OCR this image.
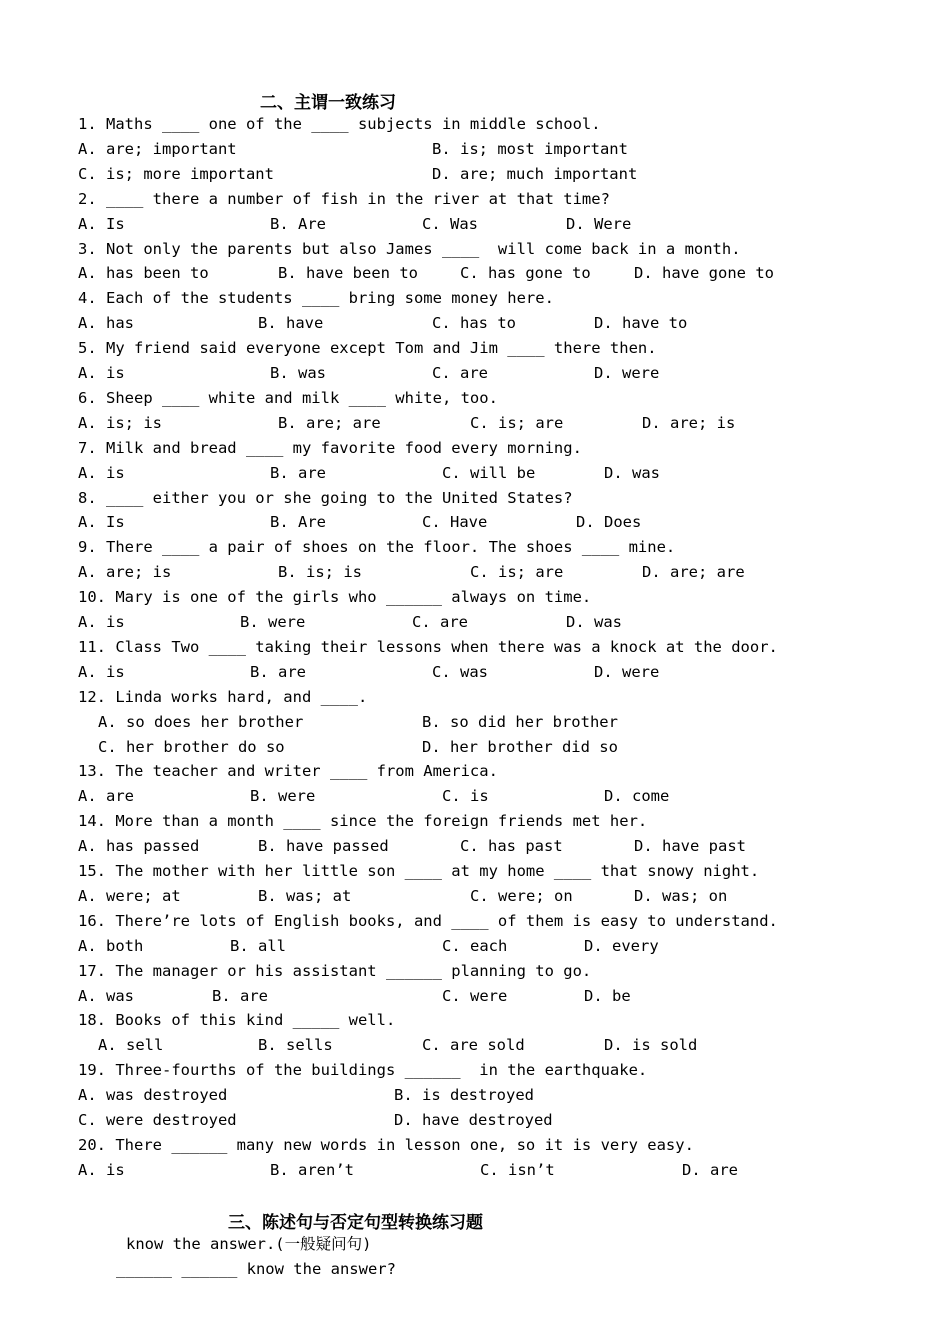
二、主谓一致练习
1. Maths ____ one of the ____ subjects in middle school.
A. are; important	B. is; most important
C. is; more important	D. are; much important
2. ____ there a number of fish in the river at that time?
A. Is	B. Are	C. Was	D. Were
3. Not only the parents but also James ____  will come back in a month.
A. has been to	B. have been to	C. has gone to	D. have gone to
4. Each of the students ____ bring some money here.
A. has	B. have	C. has to	D. have to
5. My friend said everyone except Tom and Jim ____ there then.
A. is	B. was	C. are	D. were
6. Sheep ____ white and milk ____ white, too.
A. is; is	B. are; are	C. is; are	D. are; is
7. Milk and bread ____ my favorite food every morning.
A. is	B. are	C. will be	D. was
8. ____ either you or she going to the United States?
A. Is	B. Are	C. Have	D. Does
9. There ____ a pair of shoes on the floor. The shoes ____ mine.
A. are; is	B. is; is	C. is; are	D. are; are
10. Mary is one of the girls who ______ always on time.
A. is	B. were	C. are	D. was
11. Class Two ____ taking their lessons when there was a knock at the door.
A. is	B. are	C. was	D. were
12. Linda works hard, and ____.
A. so does her brother	B. so did her brother
C. her brother do so	D. her brother did so
13. The teacher and writer ____ from America.
A. are	B. were	C. is	D. come
14. More than a month ____ since the foreign friends met her.
A. has passed	B. have passed	C. has past	D. have past
15. The mother with her little son ____ at my home ____ that snowy night.
A. were; at	B. was; at	C. were; on	D. was; on
16. There’re lots of English books, and ____ of them is easy to understand.
A. both	B. all	C. each	D. every
17. The manager or his assistant ______ planning to go.
A. was	B. are	C. were	D. be
18. Books of this kind _____ well.
A. sell	B. sells	C. are sold	D. is sold
19. Three-fourths of the buildings ______  in the earthquake.
A. was destroyed	B. is destroyed
C. were destroyed	D. have destroyed
20. There ______ many new words in lesson one, so it is very easy.
A. is	B. aren’t	C. isn’t	D. are
三、陈述句与否定句型转换练习题
know the answer.(一般疑问句)
______ ______ know the answer?
